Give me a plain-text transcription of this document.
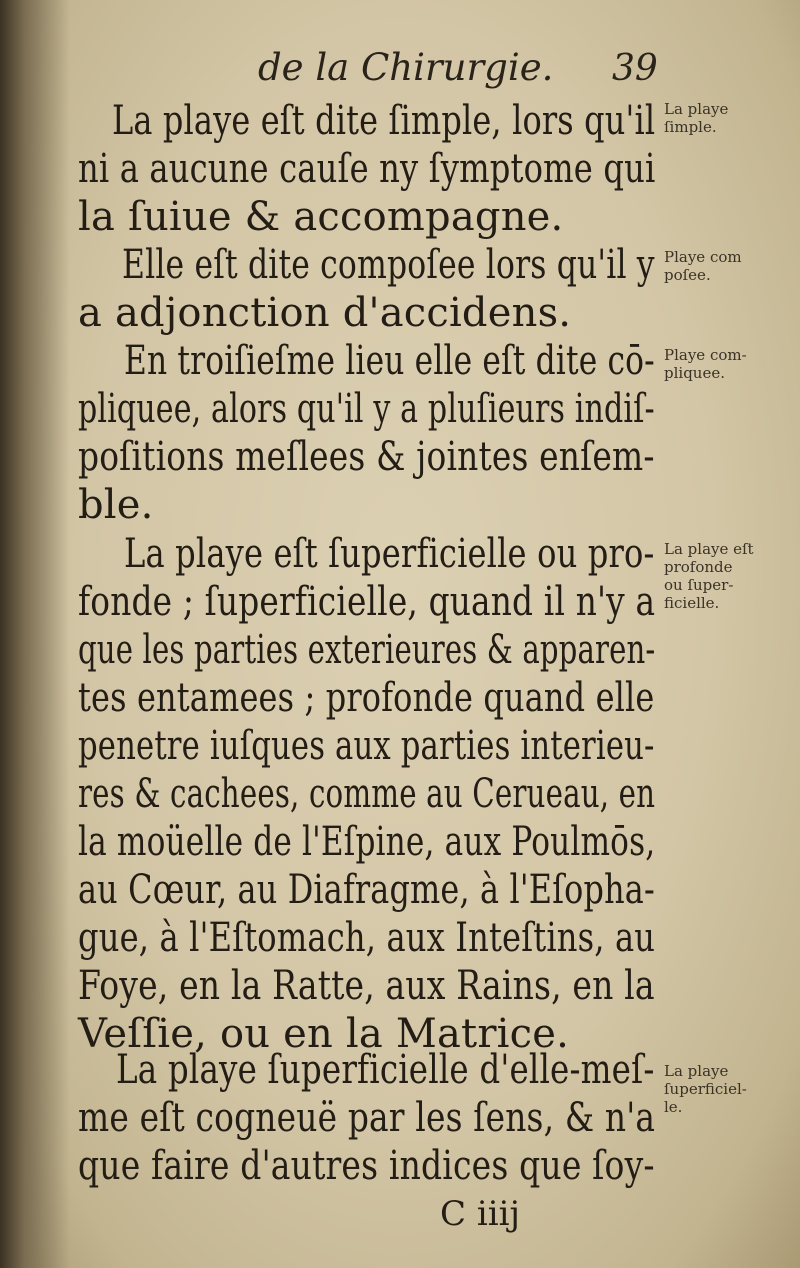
de la Chirurgie. 39
La playe eſt dite ſimple, lors qu'il
ni a aucune cauſe ny ſymptome qui
la ſuiue & accompagne.
Elle eſt dite compoſee lors qu'il y
a adjonction d'accidens.
En troiſieſme lieu elle eſt dite cō-
pliquee, alors qu'il y a pluſieurs indiſ-
poſitions meſlees & jointes enſem-
ble.
La playe eſt ſuperficielle ou pro-
fonde ; ſuperficielle, quand il n'y a
que les parties exterieures & apparen-
tes entamees ; profonde quand elle
penetre iuſques aux parties interieu-
res & cachees, comme au Cerueau, en
la moüelle de l'Eſpine, aux Poulmōs,
au Cœur, au Diafragme, à l'Eſopha-
gue, à l'Eſtomach, aux Inteſtins, au
Foye, en la Ratte, aux Rains, en la
Veſſie, ou en la Matrice.
La playe ſuperficielle d'elle-meſ-
me eſt cogneuë par les ſens, & n'a
que faire d'autres indices que ſoy-
La playe
ſimple.
Playe com
poſee.
Playe com-
pliquee.
La playe eſt
profonde
ou ſuper-
ficielle.
La playe
ſuperficiel-
le.
C iiij
